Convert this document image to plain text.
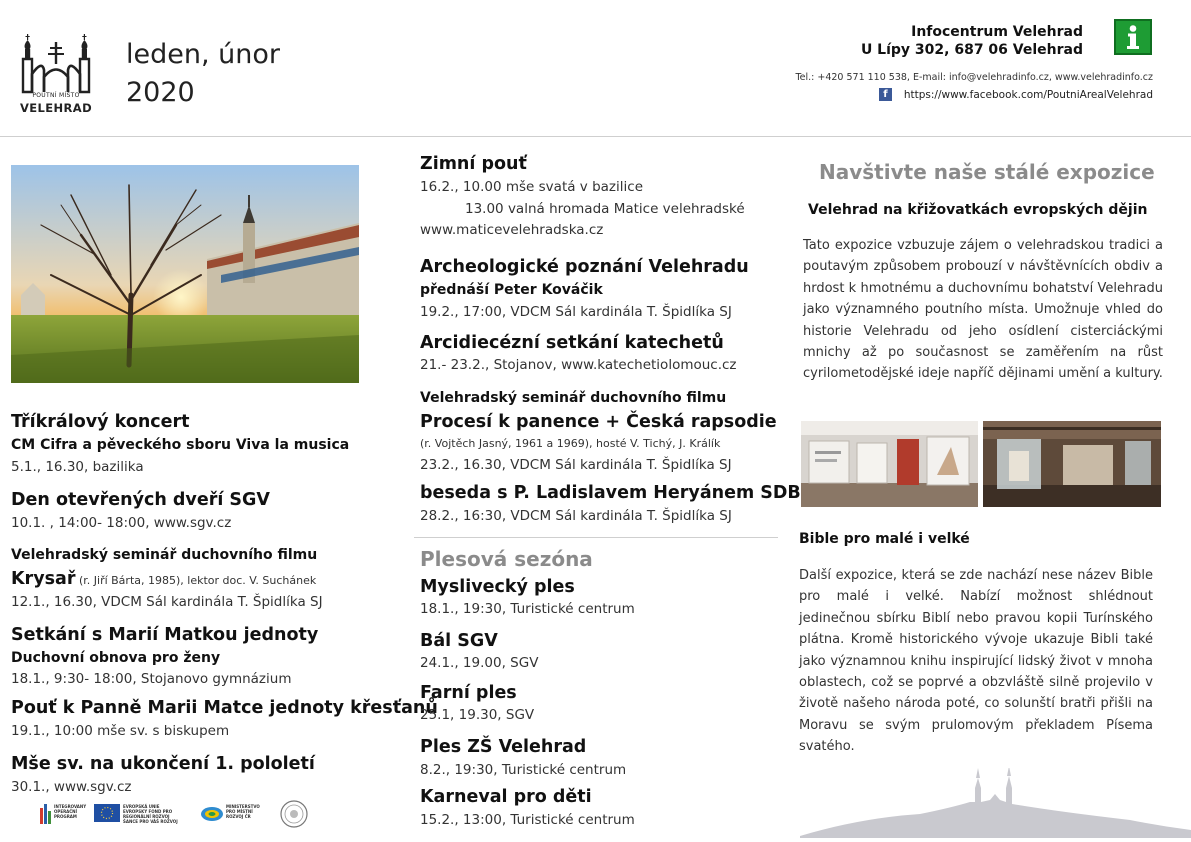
POUTNÍ MÍSTO
VELEHRAD
leden, únor
2020
Infocentrum Velehrad
U Lípy 302, 687 06 Velehrad
Tel.: +420 571 110 538, E-mail: info@velehradinfo.cz, www.velehradinfo.cz
f	https://www.facebook.com/PoutniArealVelehrad
Tříkrálový koncert
CM Cifra a pěveckého sboru Viva la musica
5.1., 16.30, bazilika
Den otevřených dveří SGV
10.1. , 14:00- 18:00, www.sgv.cz
Velehradský seminář duchovního filmu
Krysař (r. Jiří Bárta, 1985), lektor doc. V. Suchánek
12.1., 16.30, VDCM Sál kardinála T. Špidlíka SJ
Setkání s Marií Matkou jednoty
Duchovní obnova pro ženy
18.1., 9:30- 18:00, Stojanovo gymnázium
Pouť k Panně Marii Matce jednoty křesťanů
19.1., 10:00 mše sv. s biskupem
Mše sv. na ukončení 1. pololetí
30.1., www.sgv.cz
INTEGROVANÝ
OPERAČNÍ
PROGRAM
EVROPSKÁ UNIE
EVROPSKÝ FOND PRO REGIONÁLNÍ ROZVOJ
ŠANCE PRO VÁŠ ROZVOJ
MINISTERSTVO
PRO MÍSTNÍ
ROZVOJ ČR
Zimní pouť
16.2., 10.00 mše svatá v bazilice
13.00 valná hromada Matice velehradské
www.maticevelehradska.cz
Archeologické poznání Velehradu
přednáší Peter Kováčik
19.2., 17:00, VDCM Sál kardinála T. Špidlíka SJ
Arcidiecézní setkání katechetů
21.- 23.2., Stojanov, www.katechetiolomouc.cz
Velehradský seminář duchovního filmu
Procesí k panence + Česká rapsodie
(r. Vojtěch Jasný, 1961 a 1969), hosté V. Tichý, J. Králík
23.2., 16.30, VDCM Sál kardinála T. Špidlíka SJ
beseda s P. Ladislavem Heryánem SDB
28.2., 16:30, VDCM Sál kardinála T. Špidlíka SJ
Plesová sezóna
Myslivecký ples
18.1., 19:30, Turistické centrum
Bál SGV
24.1., 19.00, SGV
Farní ples
25.1, 19.30, SGV
Ples ZŠ Velehrad
8.2., 19:30, Turistické centrum
Karneval pro děti
15.2., 13:00, Turistické centrum
Navštivte naše stálé expozice
Velehrad na křižovatkách evropských dějin
Tato expozice vzbuzuje zájem o velehradskou tradici a poutavým způsobem probouzí v návštěvnících obdiv a hrdost k hmotnému a duchovnímu bohatství Velehradu jako významného poutního místa. Umožnuje vhled do historie Velehradu od jeho osídlení cisterciáckými mnichy až po současnost se zaměřením na růst cyrilometodějské ideje napříč dějinami umění a kultury.
Bible pro malé i velké
Další expozice, která se zde nachází nese název Bible pro malé i velké. Nabízí možnost shlédnout jedinečnou sbírku Biblí nebo pravou kopii Turínského plátna. Kromě historického vývoje ukazuje Bibli také jako významnou knihu inspirující lidský život v mnoha oblastech, což se poprvé a obzvláště silně projevilo v životě našeho národa poté, co solunští bratři přišli na Moravu se svým prulomovým překladem Písema svatého.
